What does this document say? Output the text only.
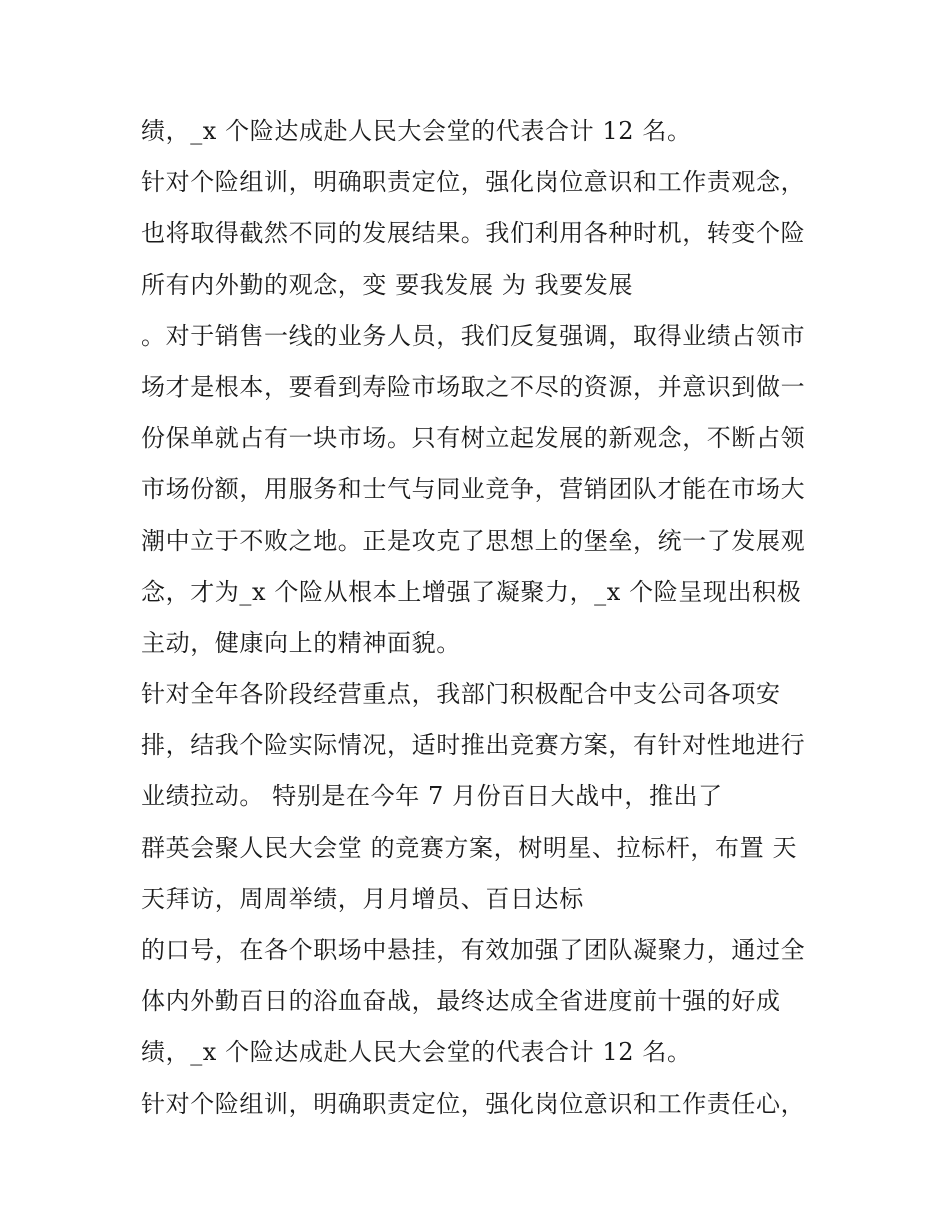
绩，_x 个险达成赴人民大会堂的代表合计 12 名。
针对个险组训，明确职责定位，强化岗位意识和工作责观念，
也将取得截然不同的发展结果。我们利用各种时机，转变个险
所有内外勤的观念，变 要我发展 为 我要发展
。对于销售一线的业务人员，我们反复强调，取得业绩占领市
场才是根本，要看到寿险市场取之不尽的资源，并意识到做一
份保单就占有一块市场。只有树立起发展的新观念，不断占领
市场份额，用服务和士气与同业竞争，营销团队才能在市场大
潮中立于不败之地。正是攻克了思想上的堡垒，统一了发展观
念，才为_x 个险从根本上增强了凝聚力，_x 个险呈现出积极
主动，健康向上的精神面貌。
针对全年各阶段经营重点，我部门积极配合中支公司各项安
排，结我个险实际情况，适时推出竞赛方案，有针对性地进行
业绩拉动。 特别是在今年 7 月份百日大战中，推出了
群英会聚人民大会堂 的竞赛方案，树明星、拉标杆，布置 天
天拜访，周周举绩，月月增员、百日达标
的口号，在各个职场中悬挂，有效加强了团队凝聚力，通过全
体内外勤百日的浴血奋战，最终达成全省进度前十强的好成
绩，_x 个险达成赴人民大会堂的代表合计 12 名。
针对个险组训，明确职责定位，强化岗位意识和工作责任心，
